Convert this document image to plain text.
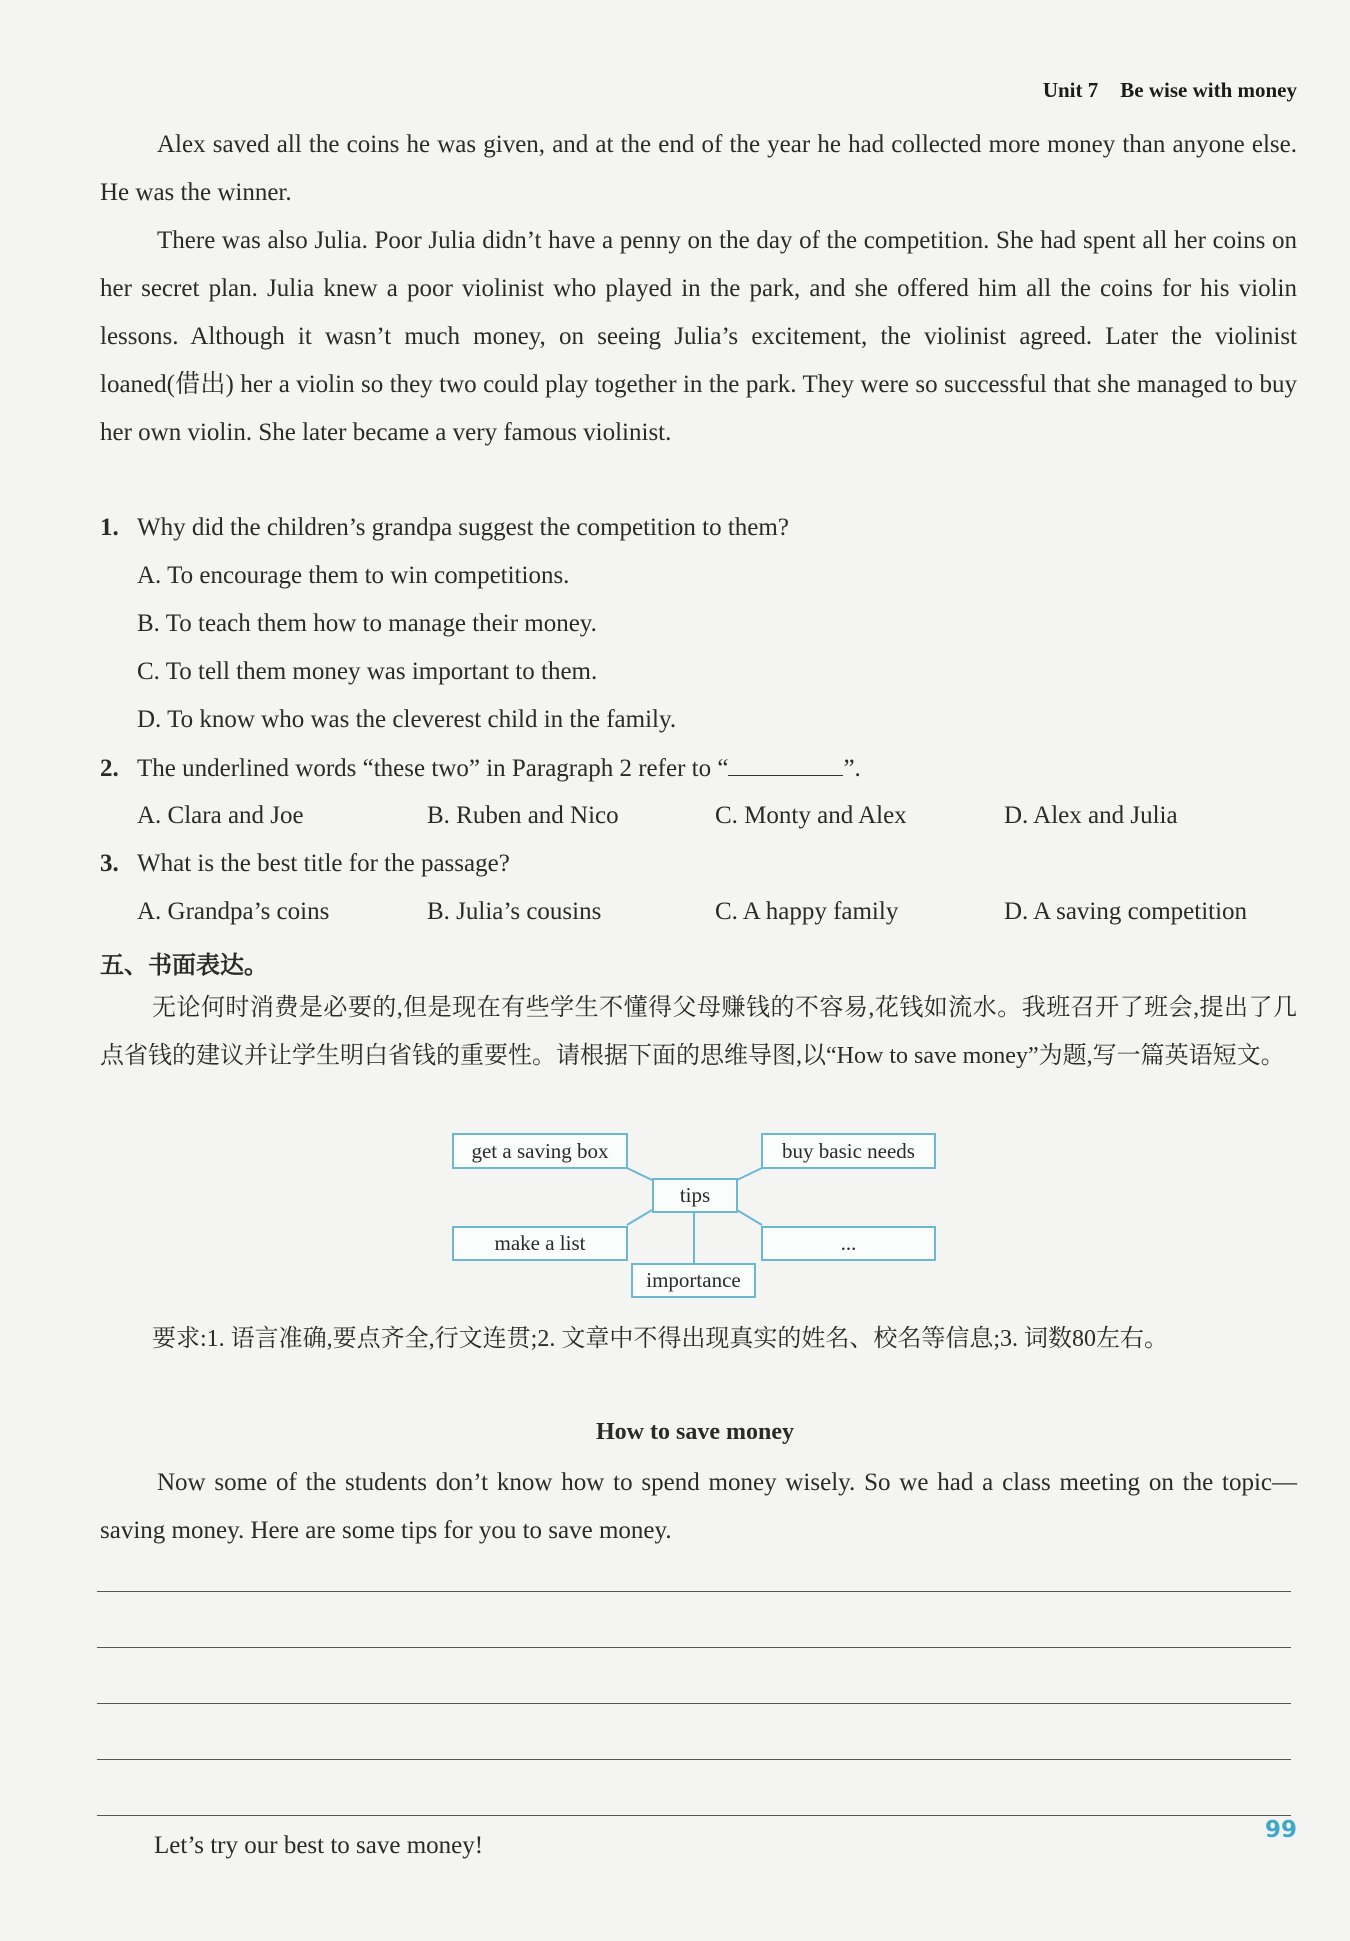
Unit 7 Be wise with money

Alex saved all the coins he was given, and at the end of the year he had collected more money than anyone else. He was the winner.

There was also Julia. Poor Julia didn’t have a penny on the day of the competition. She had spent all her coins on her secret plan. Julia knew a poor violinist who played in the park, and she offered him all the coins for his violin lessons. Although it wasn’t much money, on seeing Julia’s excitement, the violinist agreed. Later the violinist loaned(借出) her a violin so they two could play together in the park. They were so successful that she managed to buy her own violin. She later became a very famous violinist.

1. Why did the children’s grandpa suggest the competition to them?
A. To encourage them to win competitions.
B. To teach them how to manage their money.
C. To tell them money was important to them.
D. To know who was the cleverest child in the family.
2. The underlined words “these two” in Paragraph 2 refer to “	”.
A. Clara and Joe	B. Ruben and Nico	C. Monty and Alex	D. Alex and Julia
3. What is the best title for the passage?
A. Grandpa’s coins	B. Julia’s cousins	C. A happy family	D. A saving competition
五、书面表达。

无论何时消费是必要的,但是现在有些学生不懂得父母赚钱的不容易,花钱如流水。我班召开了班会,提出了几点省钱的建议并让学生明白省钱的重要性。请根据下面的思维导图,以“How to save money”为题,写一篇英语短文。

get a saving box	buy basic needs
tips
make a list	...
importance

要求:1. 语言准确,要点齐全,行文连贯;2. 文章中不得出现真实的姓名、校名等信息;3. 词数80左右。

How to save money

Now some of the students don’t know how to spend money wisely. So we had a class meeting on the topic—saving money. Here are some tips for you to save money.

Let’s try our best to save money!
99
